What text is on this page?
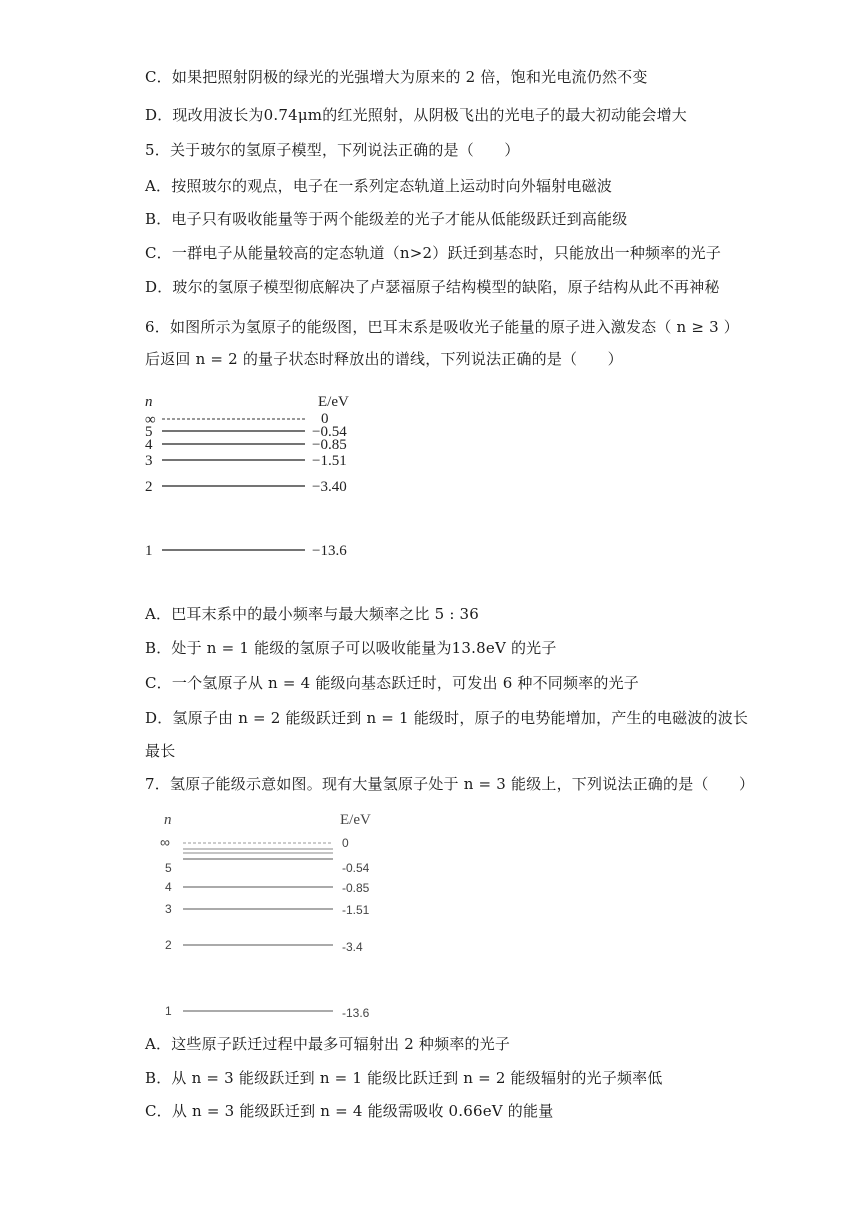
C．如果把照射阴极的绿光的光强增大为原来的 2 倍，饱和光电流仍然不变
D．现改用波长为0.74μm的红光照射，从阴极飞出的光电子的最大初动能会增大
5．关于玻尔的氢原子模型，下列说法正确的是（　　）
A．按照玻尔的观点，电子在一系列定态轨道上运动时向外辐射电磁波
B．电子只有吸收能量等于两个能级差的光子才能从低能级跃迁到高能级
C．一群电子从能量较高的定态轨道（n>2）跃迁到基态时，只能放出一种频率的光子
D．玻尔的氢原子模型彻底解决了卢瑟福原子结构模型的缺陷，原子结构从此不再神秘
6．如图所示为氢原子的能级图，巴耳末系是吸收光子能量的原子进入激发态（ n ≥ 3 ）
后返回 n = 2 的量子状态时释放出的谱线，下列说法正确的是（　　）
n	E/eV
∞	0
5	−0.54
4	−0.85
3	−1.51
2	−3.40
1	−13.6
A．巴耳末系中的最小频率与最大频率之比 5 : 36
B．处于 n = 1 能级的氢原子可以吸收能量为13.8eV 的光子
C．一个氢原子从 n = 4 能级向基态跃迁时，可发出 6 种不同频率的光子
D．氢原子由 n = 2 能级跃迁到 n = 1 能级时，原子的电势能增加，产生的电磁波的波长
最长
7．氢原子能级示意如图。现有大量氢原子处于 n = 3 能级上，下列说法正确的是（　　）
n	E/eV
∞	0
5	-0.54
4	-0.85
3	-1.51
2	-3.4
1	-13.6
A．这些原子跃迁过程中最多可辐射出 2 种频率的光子
B．从 n = 3 能级跃迁到 n = 1 能级比跃迁到 n = 2 能级辐射的光子频率低
C．从 n = 3 能级跃迁到 n = 4 能级需吸收 0.66eV 的能量
